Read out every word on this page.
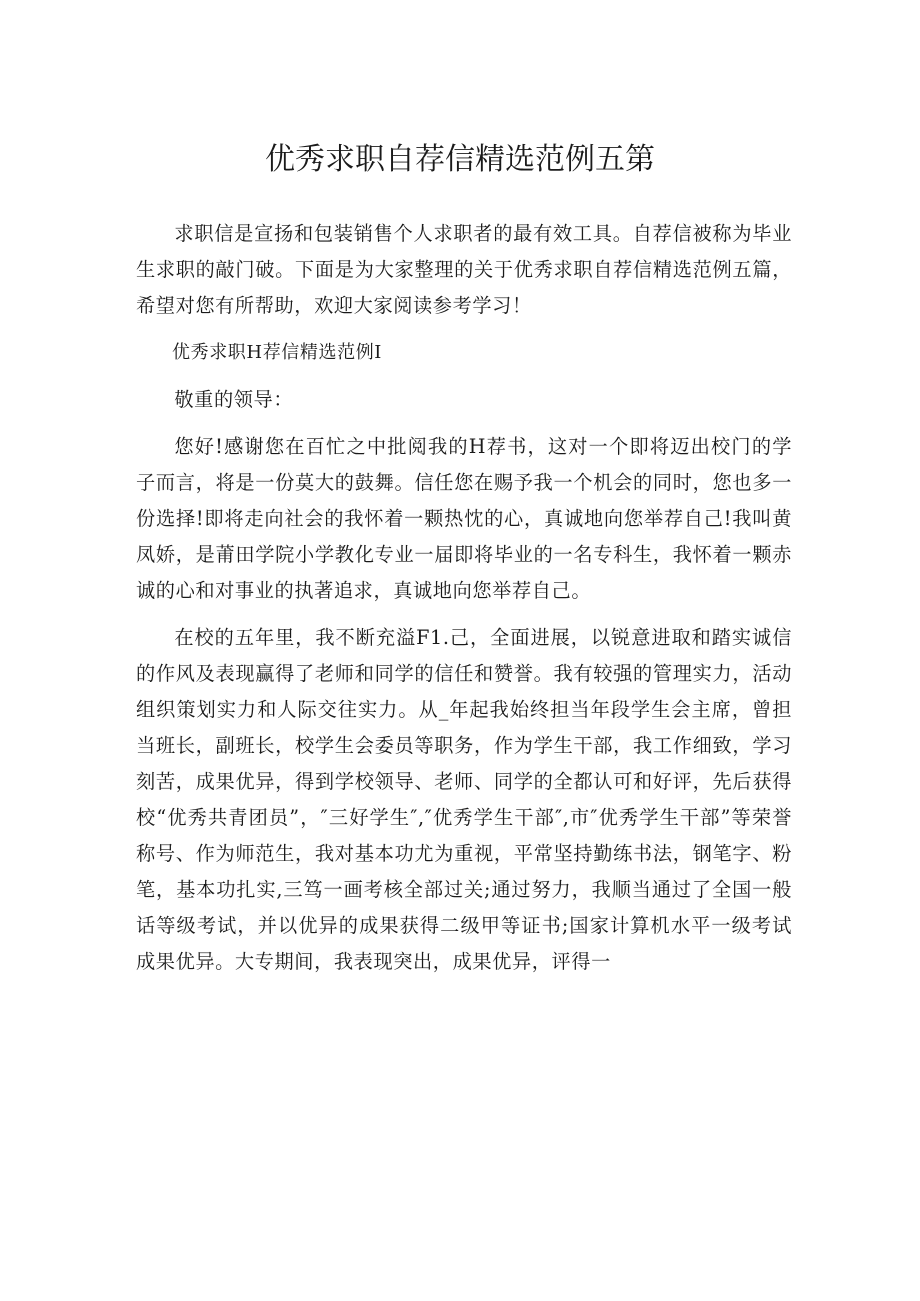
优秀求职自荐信精选范例五第

求职信是宣扬和包装销售个人求职者的最有效工具。自荐信被称为毕业生求职的敲门破。下面是为大家整理的关于优秀求职自荐信精选范例五篇，希望对您有所帮助，欢迎大家阅读参考学习！

优秀求职H荐信精选范例I

敬重的领导：

您好!感谢您在百忙之中批阅我的H荐书，这对一个即将迈出校门的学子而言，将是一份莫大的鼓舞。信任您在赐予我一个机会的同时，您也多一份选择!即将走向社会的我怀着一颗热忱的心，真诚地向您举荐自己!我叫黄凤娇，是莆田学院小学教化专业一届即将毕业的一名专科生，我怀着一颗赤诚的心和对事业的执著追求，真诚地向您举荐自己。

在校的五年里，我不断充溢F1.己，全面进展，以锐意进取和踏实诚信的作风及表现赢得了老师和同学的信任和赞誉。我有较强的管理实力，活动组织策划实力和人际交往实力。从_年起我始终担当年段学生会主席，曾担当班长，副班长，校学生会委员等职务，作为学生干部，我工作细致，学习刻苦，成果优异，得到学校领导、老师、同学的全都认可和好评，先后获得校“优秀共青团员”，″三好学生″,″优秀学生干部″,市″优秀学生干部”等荣誉称号、作为师范生，我对基本功尤为重视，平常坚持勤练书法，钢笔字、粉笔，基本功扎实,三笃一画考核全部过关;通过努力，我顺当通过了全国一般话等级考试，并以优异的成果获得二级甲等证书;国家计算机水平一级考试成果优异。大专期间，我表现突出，成果优异，评得一
